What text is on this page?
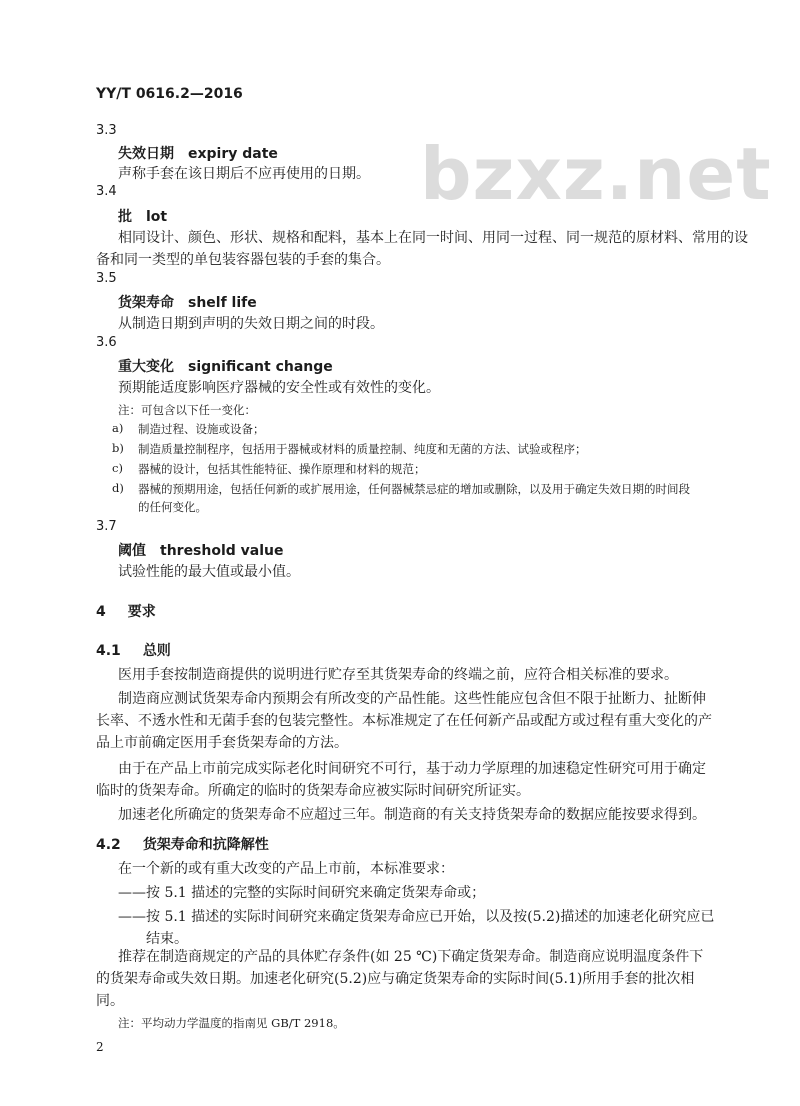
bzxz.net
YY/T 0616.2—2016
3.3
失效日期 expiry date
声称手套在该日期后不应再使用的日期。
3.4
批 lot
相同设计、颜色、形状、规格和配料，基本上在同一时间、用同一过程、同一规范的原材料、常用的设
备和同一类型的单包装容器包装的手套的集合。
3.5
货架寿命 shelf life
从制造日期到声明的失效日期之间的时段。
3.6
重大变化 significant change
预期能适度影响医疗器械的安全性或有效性的变化。
注：可包含以下任一变化：
a) 制造过程、设施或设备；
b) 制造质量控制程序，包括用于器械或材料的质量控制、纯度和无菌的方法、试验或程序；
c) 器械的设计，包括其性能特征、操作原理和材料的规范；
d) 器械的预期用途，包括任何新的或扩展用途，任何器械禁忌症的增加或删除，以及用于确定失效日期的时间段
的任何变化。
3.7
阈值 threshold value
试验性能的最大值或最小值。
4 要求
4.1 总则
医用手套按制造商提供的说明进行贮存至其货架寿命的终端之前，应符合相关标准的要求。
制造商应测试货架寿命内预期会有所改变的产品性能。这些性能应包含但不限于扯断力、扯断伸长率、不透水性和无菌手套的包装完整性。本标准规定了在任何新产品或配方或过程有重大变化的产品上市前确定医用手套货架寿命的方法。
由于在产品上市前完成实际老化时间研究不可行，基于动力学原理的加速稳定性研究可用于确定临时的货架寿命。所确定的临时的货架寿命应被实际时间研究所证实。
加速老化所确定的货架寿命不应超过三年。制造商的有关支持货架寿命的数据应能按要求得到。
4.2 货架寿命和抗降解性
在一个新的或有重大改变的产品上市前，本标准要求：
——按 5.1 描述的完整的实际时间研究来确定货架寿命或；
——按 5.1 描述的实际时间研究来确定货架寿命应已开始，以及按(5.2)描述的加速老化研究应已
结束。
推荐在制造商规定的产品的具体贮存条件(如 25 ℃)下确定货架寿命。制造商应说明温度条件下的货架寿命或失效日期。加速老化研究(5.2)应与确定货架寿命的实际时间(5.1)所用手套的批次相同。
注：平均动力学温度的指南见 GB/T 2918。
2
